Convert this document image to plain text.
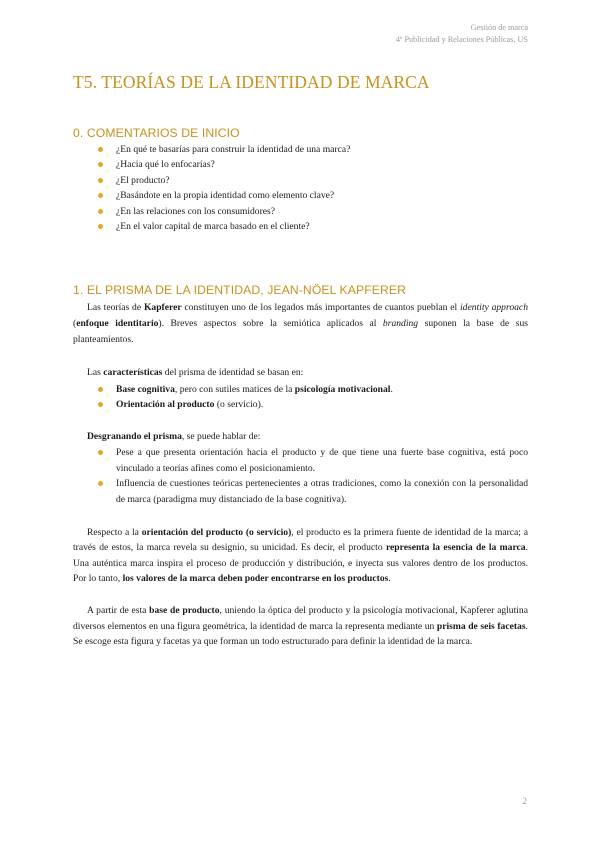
Gestión de marca
4º Publicidad y Relaciones Públicas, US
T5. TEORÍAS DE LA IDENTIDAD DE MARCA
0. COMENTARIOS DE INICIO
¿En qué te basarías para construir la identidad de una marca?
¿Hacia qué lo enfocarías?
¿El producto?
¿Basándote en la propia identidad como elemento clave?
¿En las relaciones con los consumidores?
¿En el valor capital de marca basado en el cliente?
1. EL PRISMA DE LA IDENTIDAD, JEAN-NÖEL KAPFERER

Las teorías de Kapferer constituyen uno de los legados más importantes de cuantos pueblan el identity approach (enfoque identitario). Breves aspectos sobre la semiótica aplicados al branding suponen la base de sus planteamientos.

Las características del prisma de identidad se basan en:

Base cognitiva, pero con sutiles matices de la psicología motivacional.
Orientación al producto (o servicio).

Desgranando el prisma, se puede hablar de:

Pese a que presenta orientación hacia el producto y de que tiene una fuerte base cognitiva, está poco vinculado a teorías afines como el posicionamiento.
Influencia de cuestiones teóricas pertenecientes a otras tradiciones, como la conexión con la personalidad de marca (paradigma muy distanciado de la base cognitiva).

Respecto a la orientación del producto (o servicio), el producto es la primera fuente de identidad de la marca; a través de estos, la marca revela su designio, su unicidad. Es decir, el producto representa la esencia de la marca. Una auténtica marca inspira el proceso de producción y distribución, e inyecta sus valores dentro de los productos. Por lo tanto, los valores de la marca deben poder encontrarse en los productos.

A partir de esta base de producto, uniendo la óptica del producto y la psicología motivacional, Kapferer aglutina diversos elementos en una figura geométrica, la identidad de marca la representa mediante un prisma de seis facetas. Se escoge esta figura y facetas ya que forman un todo estructurado para definir la identidad de la marca.

2
